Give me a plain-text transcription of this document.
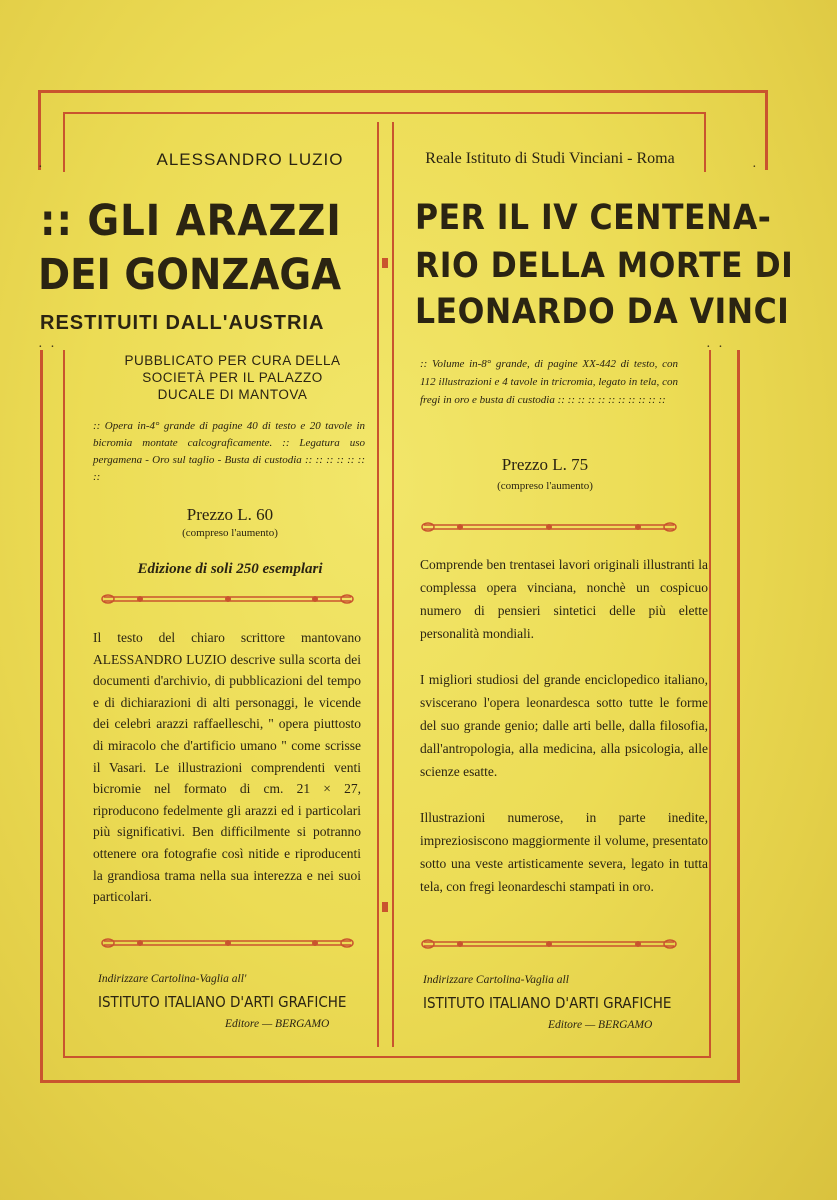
· ·	· ·
·	·
ALESSANDRO LUZIO
:: GLI ARAZZI
DEI GONZAGA
RESTITUITI DALL'AUSTRIA
PUBBLICATO PER CURA DELLA SOCIETÀ PER IL PALAZZO DUCALE DI MANTOVA
:: Opera in-4° grande di pagine 40 di testo e 20 tavole in bicromia montate calcograficamente. :: Legatura uso pergamena - Oro sul taglio - Busta di custodia :: :: :: :: :: :: ::
Prezzo L. 60
(compreso l'aumento)
Edizione di soli 250 esemplari
Il testo del chiaro scrittore mantovano ALESSANDRO LUZIO descrive sulla scorta dei documenti d'archivio, di pubblicazioni del tempo e di dichiarazioni di alti personaggi, le vicende dei celebri arazzi raffaelleschi, " opera piuttosto di miracolo che d'artificio umano " come scrisse il Vasari. Le illustrazioni comprendenti venti bicromie nel formato di cm. 21 × 27, riproducono fedelmente gli arazzi ed i particolari più significativi. Ben difficilmente si potranno ottenere ora fotografie così nitide e riproducenti la grandiosa trama nella sua interezza e nei suoi particolari.
Indirizzare Cartolina-Vaglia all'
ISTITUTO ITALIANO D'ARTI GRAFICHE
Editore — BERGAMO
Reale Istituto di Studi Vinciani - Roma
PER IL IV CENTENA-
RIO DELLA MORTE DI
LEONARDO DA VINCI
:: Volume in-8° grande, di pagine XX-442 di testo, con 112 illustrazioni e 4 tavole in tricromia, legato in tela, con fregi in oro e busta di custodia :: :: :: :: :: :: :: :: :: :: ::
Prezzo L. 75
(compreso l'aumento)
Comprende ben trentasei lavori originali illustranti la complessa opera vinciana, nonchè un cospicuo numero di pensieri sintetici delle più elette personalità mondiali.
I migliori studiosi del grande enciclopedico italiano, sviscerano l'opera leonardesca sotto tutte le forme del suo grande genio; dalle arti belle, dalla filosofia, dall'antropologia, alla medicina, alla psicologia, alle scienze esatte.
Illustrazioni numerose, in parte inedite, impreziosiscono maggiormente il volume, presentato sotto una veste artisticamente severa, legato in tutta tela, con fregi leonardeschi stampati in oro.
Indirizzare Cartolina-Vaglia all
ISTITUTO ITALIANO D'ARTI GRAFICHE
Editore — BERGAMO
